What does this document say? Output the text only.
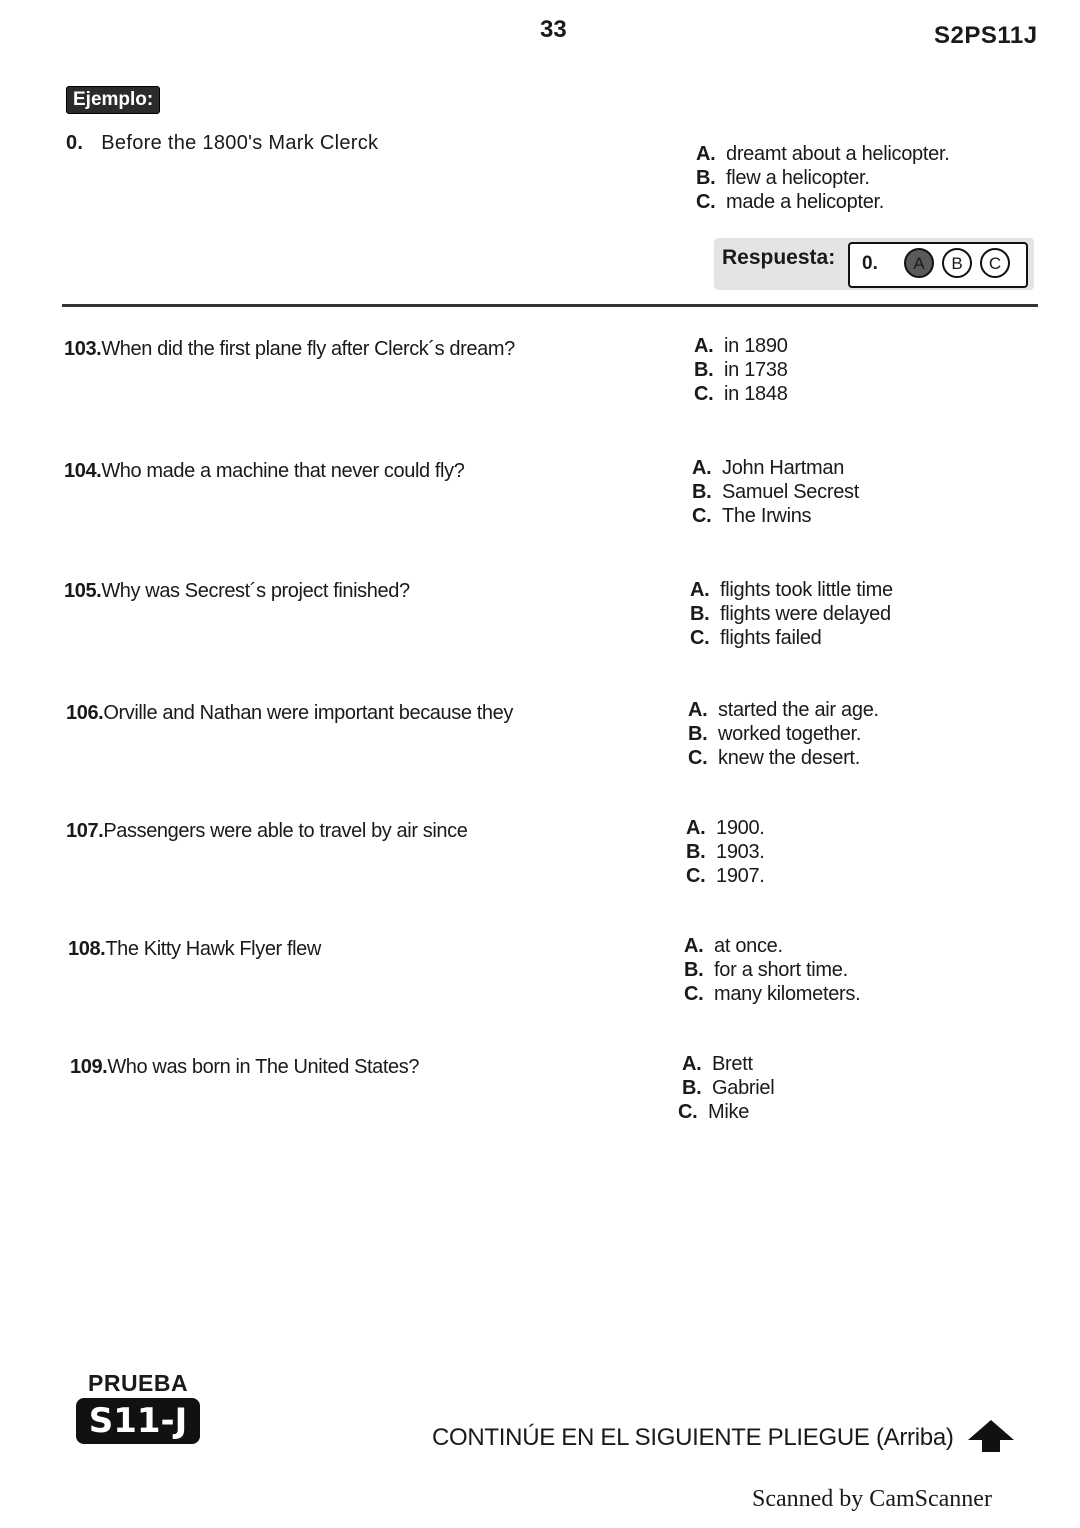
33	S2PS11J
Ejemplo:
0. Before the 1800's Mark Clerck	A. dreamt about a helicopter.
B. flew a helicopter.
C. made a helicopter.
Respuesta: 0.	A	B	C
103.When did the first plane fly after Clerck´s dream?	A. in 1890
B. in 1738
C. in 1848
104.Who made a machine that never could fly?	A. John Hartman
B. Samuel Secrest
C. The Irwins
105.Why was Secrest´s project finished?	A. flights took little time
B. flights were delayed
C. flights failed
106.Orville and Nathan were important because they	A. started the air age.
B. worked together.
C. knew the desert.
107.Passengers were able to travel by air since	A. 1900.
B. 1903.
C. 1907.
108.The Kitty Hawk Flyer flew	A. at once.
B. for a short time.
C. many kilometers.
109.Who was born in The United States?	A. Brett
B. Gabriel
C. Mike
PRUEBA
S11-J	CONTINÚE EN EL SIGUIENTE PLIEGUE (Arriba)
Scanned by CamScanner
